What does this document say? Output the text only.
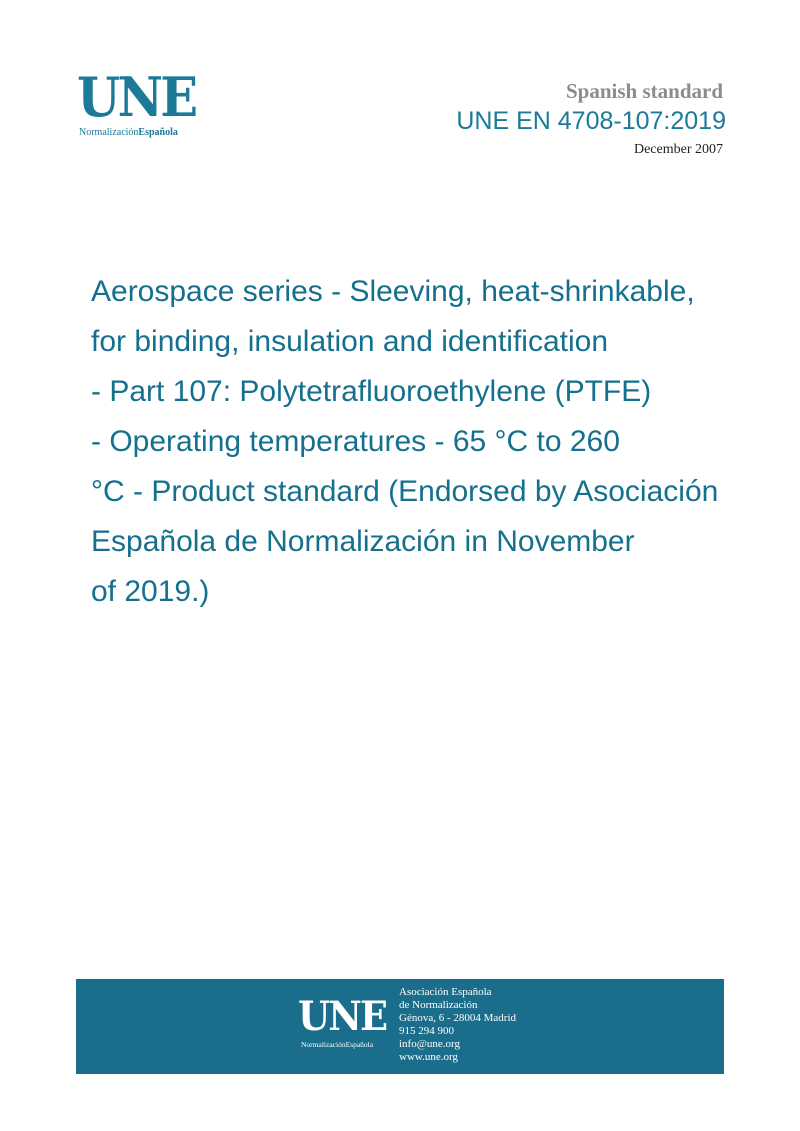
UNE
NormalizaciónEspañola
Spanish standard
UNE EN 4708-107:2019
December 2007
Aerospace series - Sleeving, heat-shrinkable,
for binding, insulation and identification
- Part 107: Polytetrafluoroethylene (PTFE)
- Operating temperatures - 65 °C to 260
°C - Product standard (Endorsed by Asociación
Española de Normalización in November
of 2019.)
UNE
NormalizaciónEspañola
Asociación Española
de Normalización
Génova, 6 - 28004 Madrid
915 294 900
info@une.org
www.une.org
